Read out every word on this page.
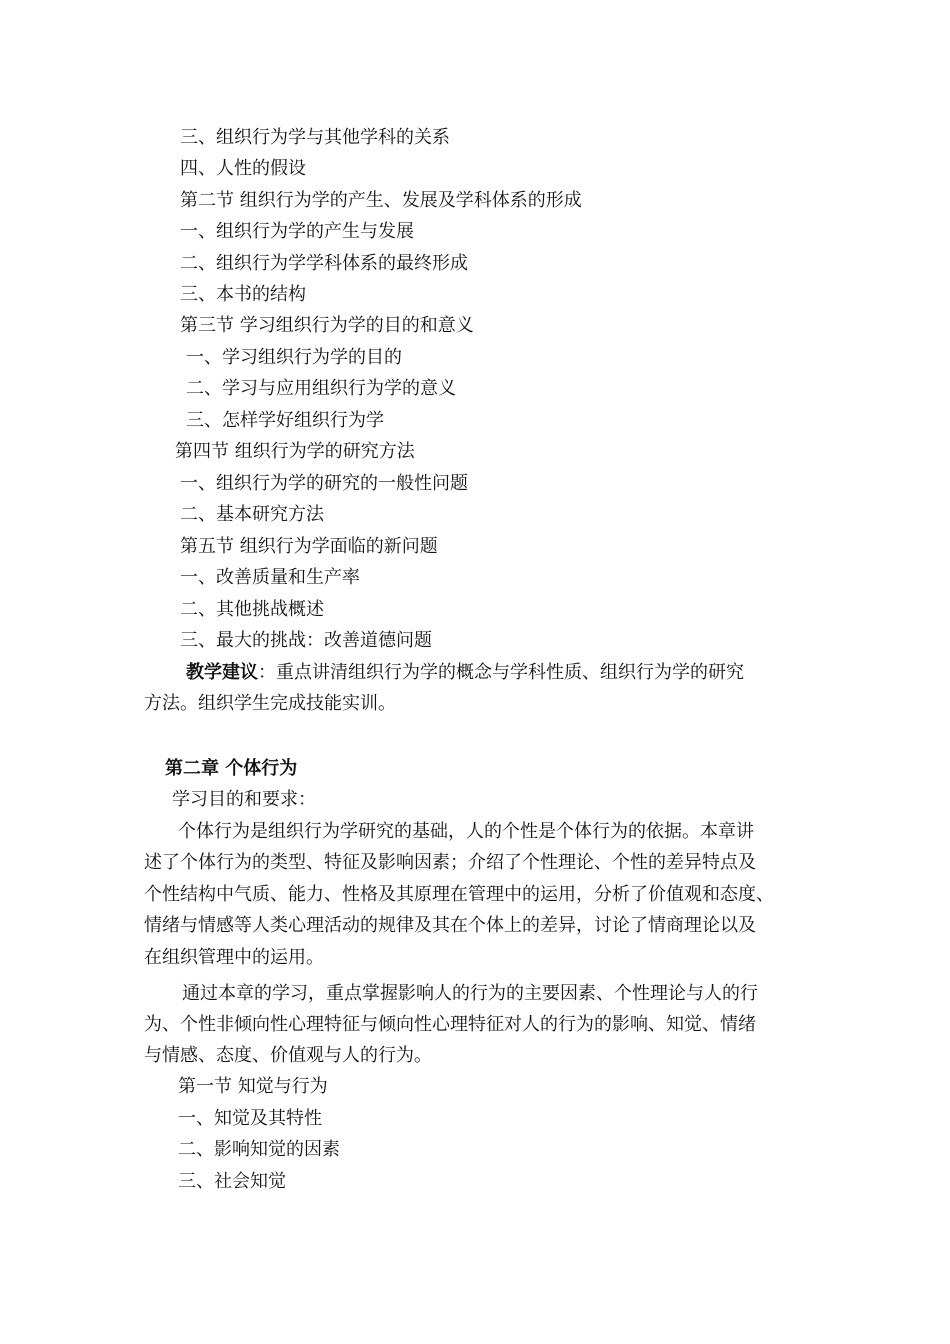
三、组织行为学与其他学科的关系
四、人性的假设
第二节 组织行为学的产生、发展及学科体系的形成
一、组织行为学的产生与发展
二、组织行为学学科体系的最终形成
三、本书的结构
第三节 学习组织行为学的目的和意义
一、学习组织行为学的目的
二、学习与应用组织行为学的意义
三、怎样学好组织行为学
第四节 组织行为学的研究方法
一、组织行为学的研究的一般性问题
二、基本研究方法
第五节 组织行为学面临的新问题
一、改善质量和生产率
二、其他挑战概述
三、最大的挑战：改善道德问题
教学建议：重点讲清组织行为学的概念与学科性质、组织行为学的研究
方法。组织学生完成技能实训。
第二章 个体行为
学习目的和要求：
个体行为是组织行为学研究的基础，人的个性是个体行为的依据。本章讲
述了个体行为的类型、特征及影响因素；介绍了个性理论、个性的差异特点及
个性结构中气质、能力、性格及其原理在管理中的运用，分析了价值观和态度、
情绪与情感等人类心理活动的规律及其在个体上的差异，讨论了情商理论以及
在组织管理中的运用。
通过本章的学习，重点掌握影响人的行为的主要因素、个性理论与人的行
为、个性非倾向性心理特征与倾向性心理特征对人的行为的影响、知觉、情绪
与情感、态度、价值观与人的行为。
第一节 知觉与行为
一、知觉及其特性
二、影响知觉的因素
三、社会知觉
